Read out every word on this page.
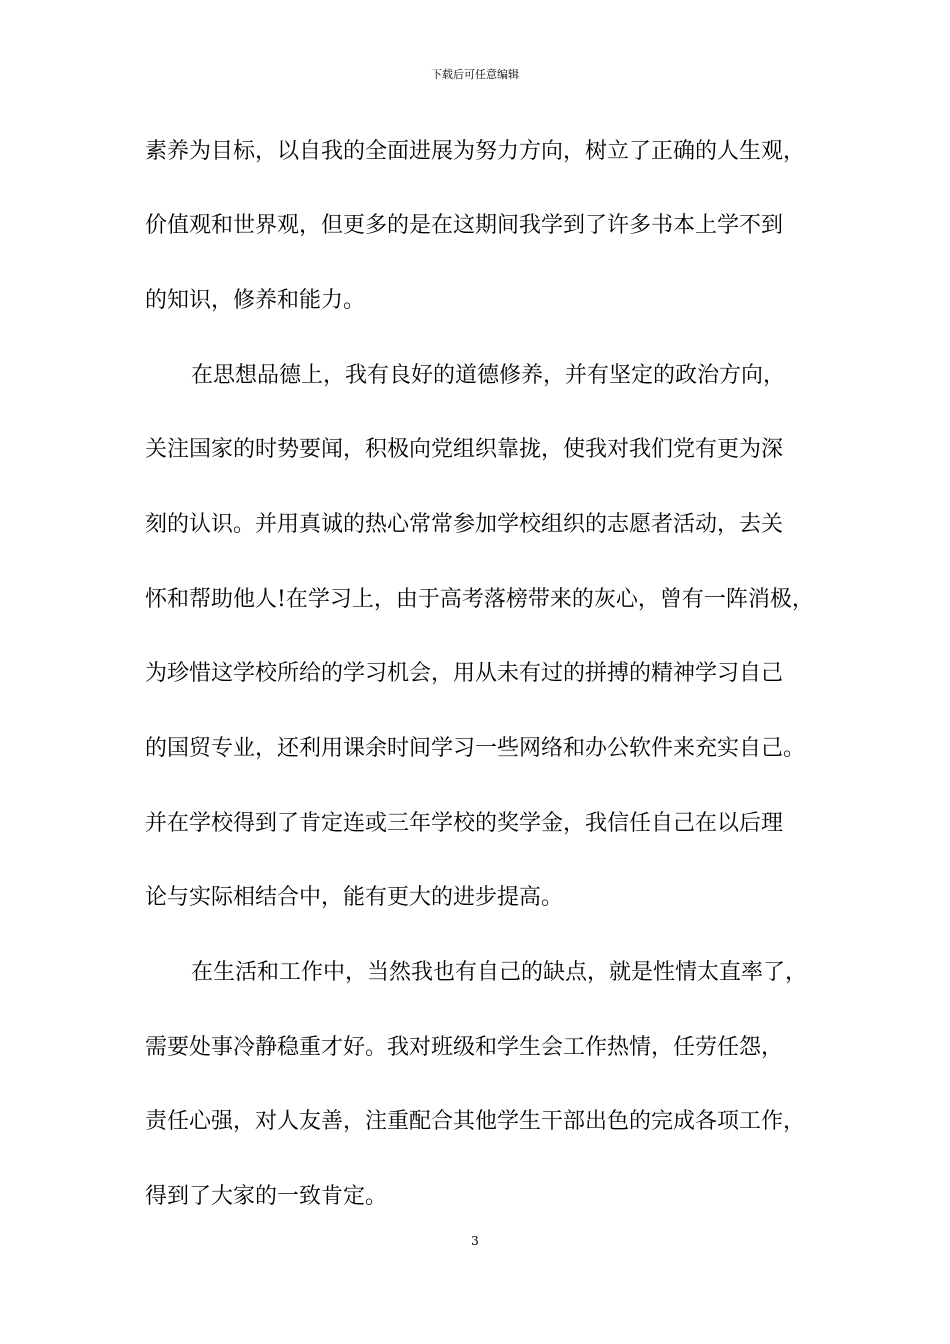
下载后可任意编辑
素养为目标，以自我的全面进展为努力方向，树立了正确的人生观，
价值观和世界观，但更多的是在这期间我学到了许多书本上学不到
的知识，修养和能力。
在思想品德上，我有良好的道德修养，并有坚定的政治方向，
关注国家的时势要闻，积极向党组织靠拢，使我对我们党有更为深
刻的认识。并用真诚的热心常常参加学校组织的志愿者活动，去关
怀和帮助他人!在学习上，由于高考落榜带来的灰心，曾有一阵消极，
为珍惜这学校所给的学习机会，用从未有过的拼搏的精神学习自己
的国贸专业，还利用课余时间学习一些网络和办公软件来充实自己。
并在学校得到了肯定连或三年学校的奖学金，我信任自己在以后理
论与实际相结合中，能有更大的进步提高。
在生活和工作中，当然我也有自己的缺点，就是性情太直率了，
需要处事冷静稳重才好。我对班级和学生会工作热情，任劳任怨，
责任心强，对人友善，注重配合其他学生干部出色的完成各项工作，
得到了大家的一致肯定。
3
